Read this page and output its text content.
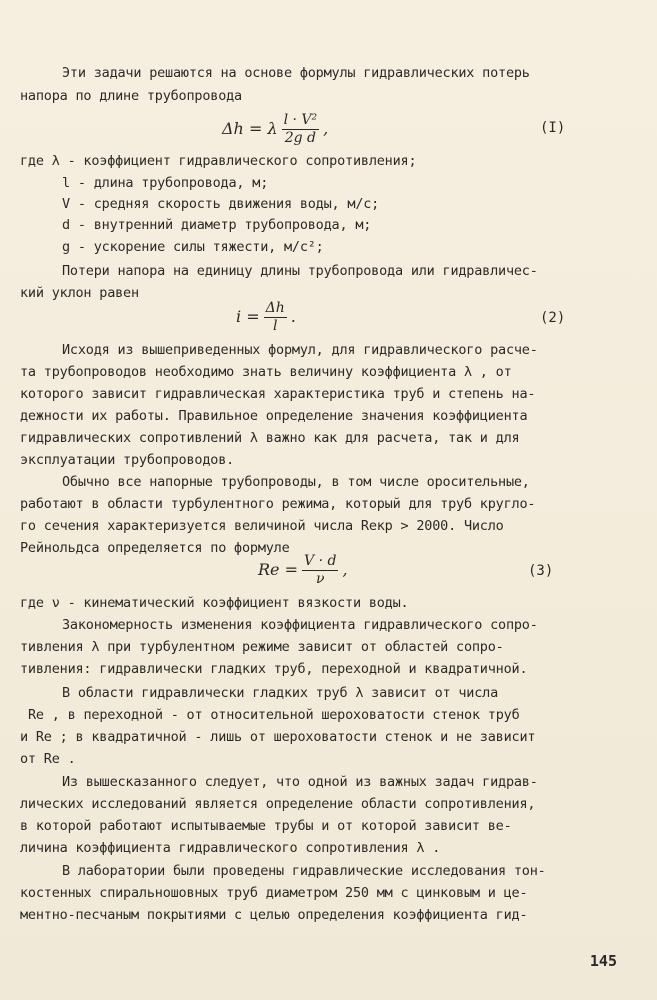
Эти задачи решаются на основе формулы гидравлических потерь
напора по длине трубопровода
Δh = λ $\frac{\text{l · V²}}{\text{2g d}}$ ,	(I)
где λ - коэффициент гидравлического сопротивления;
l - длина трубопровода, м;
V - средняя скорость движения воды, м/с;
d - внутренний диаметр трубопровода, м;
g - ускорение силы тяжести, м/с²;
Потери напора на единицу длины трубопровода или гидравличес-
кий уклон равен
$i = \frac{\Delta h}{l}$ .	(2)
Исходя из вышеприведенных формул, для гидравлического расче-
та трубопроводов необходимо знать величину коэффициента λ , от
которого зависит гидравлическая характеристика труб и степень на-
дежности их работы. Правильное определение значения коэффициента
гидравлических сопротивлений λ важно как для расчета, так и для
эксплуатации трубопроводов.
Обычно все напорные трубопроводы, в том числе оросительные,
работают в области турбулентного режима, который для труб кругло-
го сечения характеризуется величиной числа Reкр > 2000. Число
Рейнольдса определяется по формуле
$Re = \frac{V \cdot d}{\nu}$ ,	(3)
где ν - кинематический коэффициент вязкости воды.
Закономерность изменения коэффициента гидравлического сопро-
тивления λ при турбулентном режиме зависит от областей сопро-
тивления: гидравлически гладких труб, переходной и квадратичной.
В области гидравлически гладких труб λ зависит от числа
Re , в переходной - от относительной шероховатости стенок труб
и Re ; в квадратичной - лишь от шероховатости стенок и не зависит
от Re .
Из вышесказанного следует, что одной из важных задач гидрав-
лических исследований является определение области сопротивления,
в которой работают испытываемые трубы и от которой зависит ве-
личина коэффициента гидравлического сопротивления λ .
В лаборатории были проведены гидравлические исследования тон-
костенных спиральношовных труб диаметром 250 мм с цинковым и це-
ментно-песчаным покрытиями с целью определения коэффициента гид-
145
